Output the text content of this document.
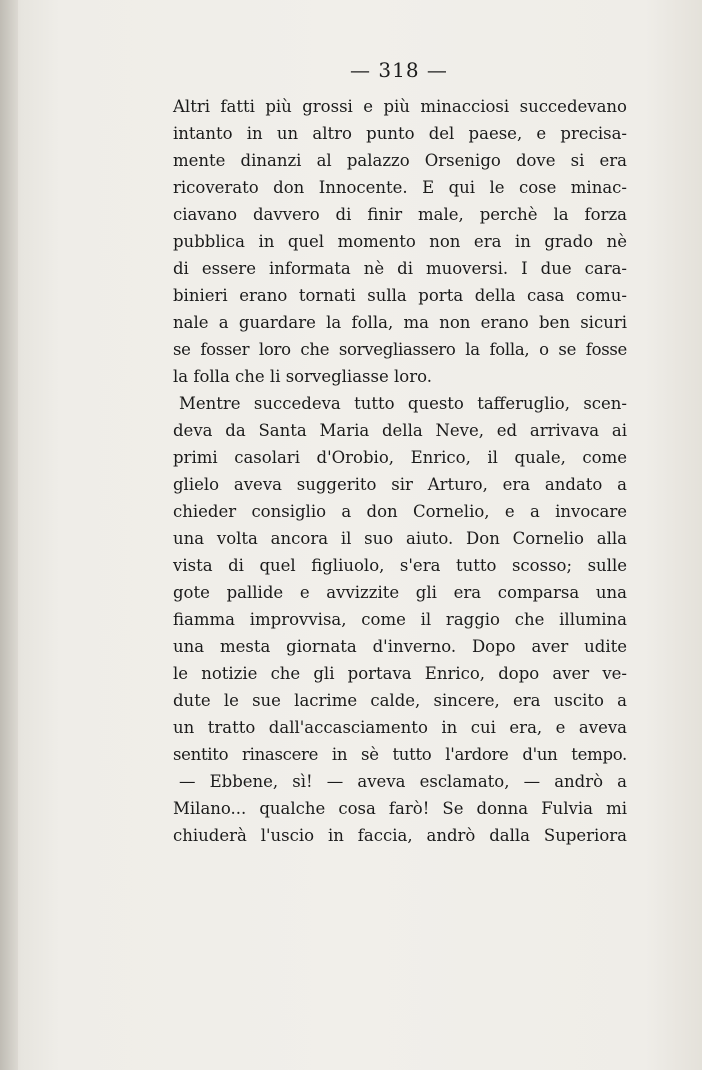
— 318 —
Altri fatti più grossi e più minacciosi succedevano
intanto in un altro punto del paese, e precisa-
mente dinanzi al palazzo Orsenigo dove si era
ricoverato don Innocente. E qui le cose minac-
ciavano davvero di finir male, perchè la forza
pubblica in quel momento non era in grado nè
di essere informata nè di muoversi. I due cara-
binieri erano tornati sulla porta della casa comu-
nale a guardare la folla, ma non erano ben sicuri
se fosser loro che sorvegliassero la folla, o se fosse
la folla che li sorvegliasse loro.
Mentre succedeva tutto questo tafferuglio, scen-
deva da Santa Maria della Neve, ed arrivava ai
primi casolari d'Orobio, Enrico, il quale, come
glielo aveva suggerito sir Arturo, era andato a
chieder consiglio a don Cornelio, e a invocare
una volta ancora il suo aiuto. Don Cornelio alla
vista di quel figliuolo, s'era tutto scosso; sulle
gote pallide e avvizzite gli era comparsa una
fiamma improvvisa, come il raggio che illumina
una mesta giornata d'inverno. Dopo aver udite
le notizie che gli portava Enrico, dopo aver ve-
dute le sue lacrime calde, sincere, era uscito a
un tratto dall'accasciamento in cui era, e aveva
sentito rinascere in sè tutto l'ardore d'un tempo.
— Ebbene, sì! — aveva esclamato, — andrò a
Milano... qualche cosa farò! Se donna Fulvia mi
chiuderà l'uscio in faccia, andrò dalla Superiora
